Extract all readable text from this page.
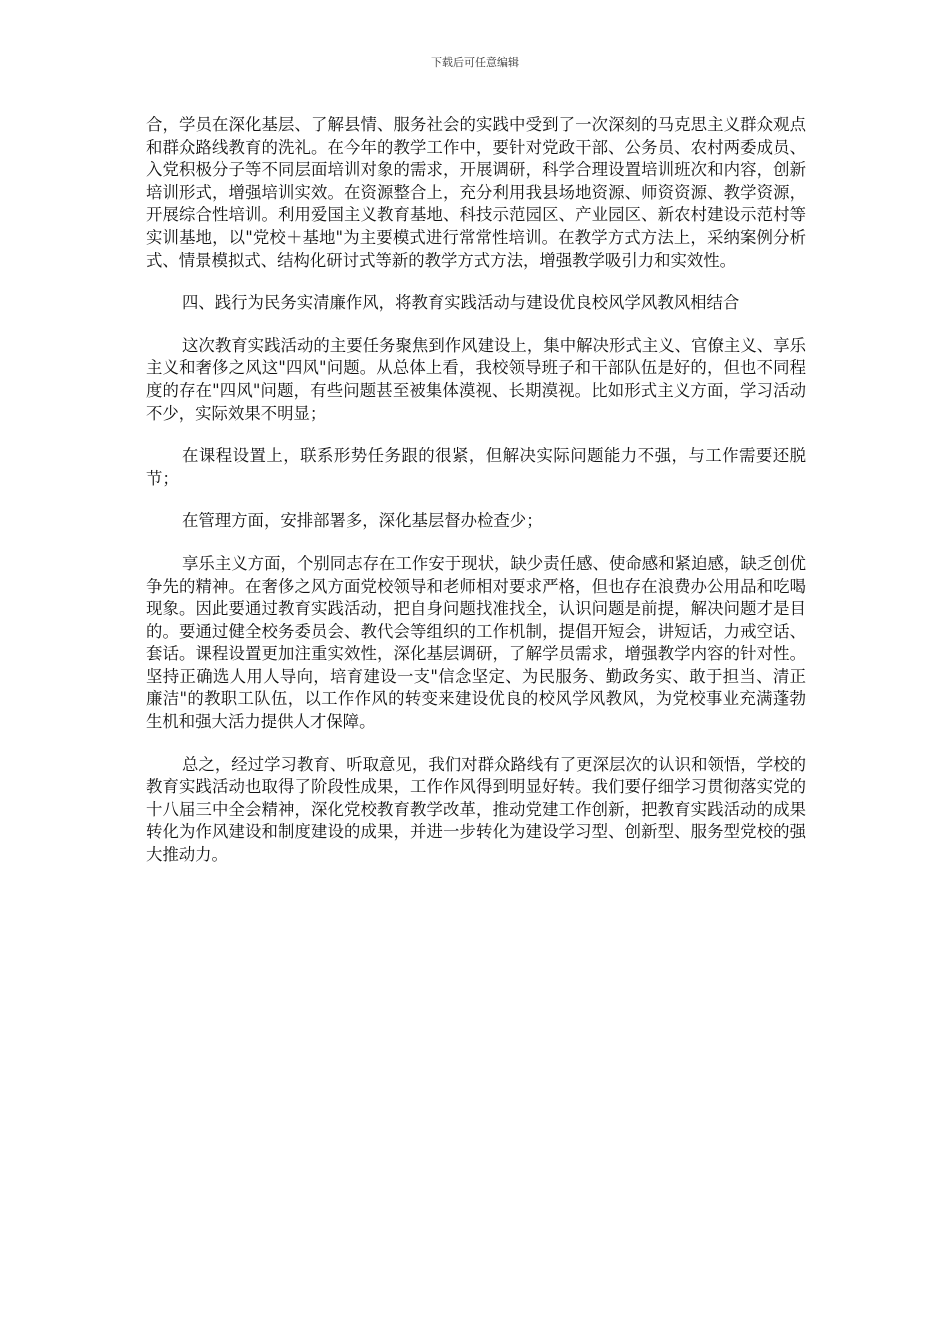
下载后可任意编辑

合，学员在深化基层、了解县情、服务社会的实践中受到了一次深刻的马克思主义群众观点和群众路线教育的洗礼。在今年的教学工作中，要针对党政干部、公务员、农村两委成员、入党积极分子等不同层面培训对象的需求，开展调研，科学合理设置培训班次和内容，创新培训形式，增强培训实效。在资源整合上，充分利用我县场地资源、师资资源、教学资源，开展综合性培训。利用爱国主义教育基地、科技示范园区、产业园区、新农村建设示范村等实训基地，以"党校＋基地"为主要模式进行常常性培训。在教学方式方法上，采纳案例分析式、情景模拟式、结构化研讨式等新的教学方式方法，增强教学吸引力和实效性。

四、践行为民务实清廉作风，将教育实践活动与建设优良校风学风教风相结合

这次教育实践活动的主要任务聚焦到作风建设上，集中解决形式主义、官僚主义、享乐主义和奢侈之风这"四风"问题。从总体上看，我校领导班子和干部队伍是好的，但也不同程度的存在"四风"问题，有些问题甚至被集体漠视、长期漠视。比如形式主义方面，学习活动不少，实际效果不明显；

在课程设置上，联系形势任务跟的很紧，但解决实际问题能力不强，与工作需要还脱节；

在管理方面，安排部署多，深化基层督办检查少；

享乐主义方面，个别同志存在工作安于现状，缺少责任感、使命感和紧迫感，缺乏创优争先的精神。在奢侈之风方面党校领导和老师相对要求严格，但也存在浪费办公用品和吃喝现象。因此要通过教育实践活动，把自身问题找准找全，认识问题是前提，解决问题才是目的。要通过健全校务委员会、教代会等组织的工作机制，提倡开短会，讲短话，力戒空话、套话。课程设置更加注重实效性，深化基层调研，了解学员需求，增强教学内容的针对性。坚持正确选人用人导向，培育建设一支"信念坚定、为民服务、勤政务实、敢于担当、清正廉洁"的教职工队伍，以工作作风的转变来建设优良的校风学风教风，为党校事业充满蓬勃生机和强大活力提供人才保障。

总之，经过学习教育、听取意见，我们对群众路线有了更深层次的认识和领悟，学校的教育实践活动也取得了阶段性成果，工作作风得到明显好转。我们要仔细学习贯彻落实党的十八届三中全会精神，深化党校教育教学改革，推动党建工作创新，把教育实践活动的成果转化为作风建设和制度建设的成果，并进一步转化为建设学习型、创新型、服务型党校的强大推动力。
